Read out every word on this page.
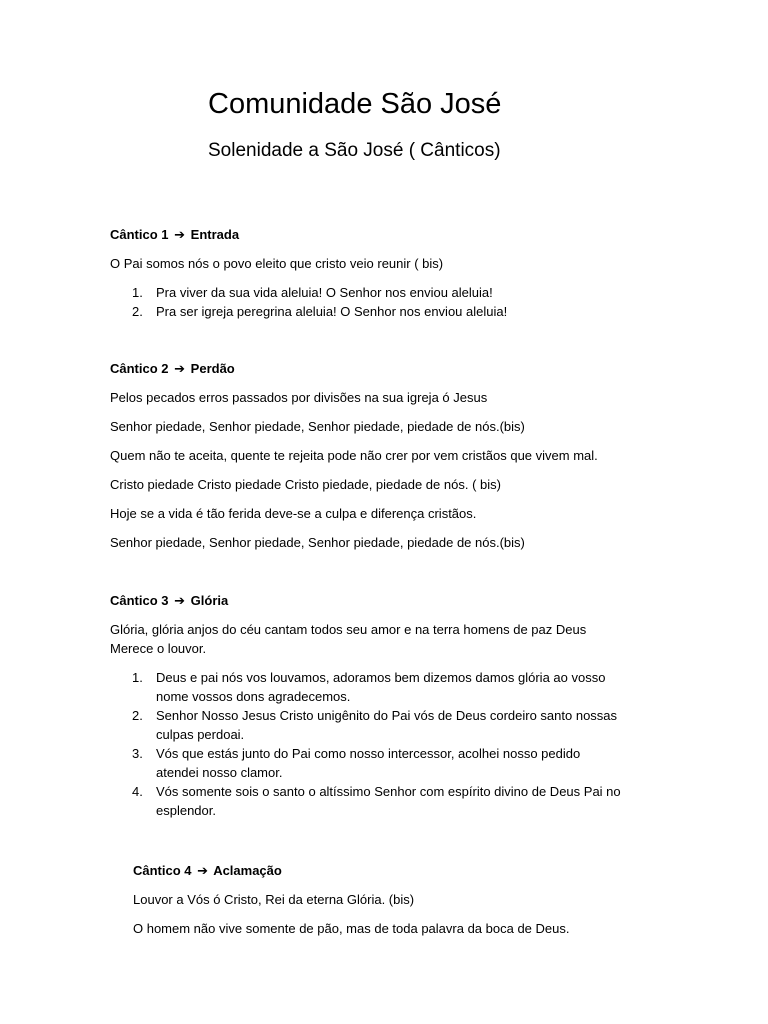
Comunidade São José
Solenidade a São José ( Cânticos)
Cântico 1 ➔ Entrada

O Pai somos nós o povo eleito que cristo veio reunir ( bis)

1. Pra viver da sua vida aleluia! O Senhor nos enviou aleluia!
2. Pra ser igreja peregrina aleluia! O Senhor nos enviou aleluia!
Cântico 2 ➔ Perdão

Pelos pecados erros passados por divisões na sua igreja ó Jesus

Senhor piedade, Senhor piedade, Senhor piedade, piedade de nós.(bis)

Quem não te aceita, quente te rejeita pode não crer por vem cristãos que vivem mal.

Cristo piedade Cristo piedade Cristo piedade, piedade de nós. ( bis)

Hoje se a vida é tão ferida deve-se a culpa e diferença cristãos.

Senhor piedade, Senhor piedade, Senhor piedade, piedade de nós.(bis)

Cântico 3 ➔ Glória
Glória, glória anjos do céu cantam todos seu amor e na terra homens de paz Deus
Merece o louvor.
1. Deus e pai nós vos louvamos, adoramos bem dizemos damos glória ao vosso
nome vossos dons agradecemos.
2. Senhor Nosso Jesus Cristo unigênito do Pai vós de Deus cordeiro santo nossas
culpas perdoai.
3. Vós que estás junto do Pai como nosso intercessor, acolhei nosso pedido
atendei nosso clamor.
4. Vós somente sois o santo o altíssimo Senhor com espírito divino de Deus Pai no
esplendor.
Cântico 4 ➔ Aclamação

Louvor a Vós ó Cristo, Rei da eterna Glória. (bis)

O homem não vive somente de pão, mas de toda palavra da boca de Deus.
